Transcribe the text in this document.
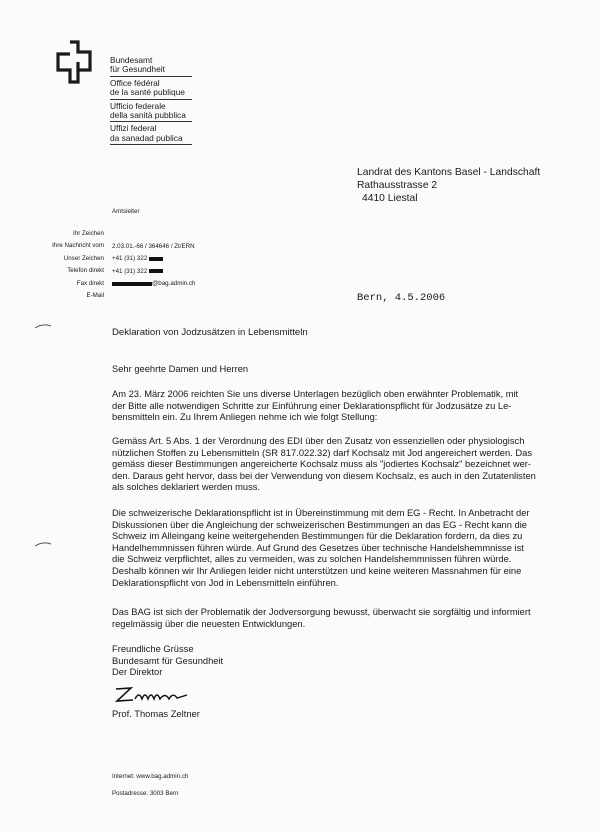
Bundesamt
für Gesundheit
Office fédéral
de la santé publique
Ufficio federale
della sanità pubblica
Uffizi federal
da sanadad publica
Landrat des Kantons Basel - Landschaft
Rathausstrasse 2
4410 Liestal
Amtsleiter
Ihr Zeichen
Ihre Nachricht vom
Unser Zeichen
Telefon direkt
Fax direkt
E-Mail
2.03.01.-66 / 364646 / Zt/ERN
+41 (31) 322
+41 (31) 322
@bag.admin.ch
Bern, 4.5.2006
Deklaration von Jodzusätzen in Lebensmitteln
Sehr geehrte Damen und Herren

Am 23. März 2006 reichten Sie uns diverse Unterlagen bezüglich oben erwähnter Problematik, mit

der Bitte alle notwendigen Schritte zur Einführung einer Deklarationspflicht für Jodzusätze zu Le-

bensmitteln ein. Zu Ihrem Anliegen nehme ich wie folgt Stellung:

Gemäss Art. 5 Abs. 1 der Verordnung des EDI über den Zusatz von essenziellen oder physiologisch

nützlichen Stoffen zu Lebensmitteln (SR 817.022.32) darf Kochsalz mit Jod angereichert werden. Das

gemäss dieser Bestimmungen angereicherte Kochsalz muss als "jodiertes Kochsalz" bezeichnet wer-

den. Daraus geht hervor, dass bei der Verwendung von diesem Kochsalz, es auch in den Zutatenlisten

als solches deklariert werden muss.

Die schweizerische Deklarationspflicht ist in Übereinstimmung mit dem EG - Recht. In Anbetracht der

Diskussionen über die Angleichung der schweizerischen Bestimmungen an das EG - Recht kann die

Schweiz im Alleingang keine weitergehenden Bestimmungen für die Deklaration fordern, da dies zu

Handelhemmnissen führen würde. Auf Grund des Gesetzes über technische Handelshemmnisse ist

die Schweiz verpflichtet, alles zu vermeiden, was zu solchen Handelshemmnissen führen würde.

Deshalb können wir Ihr Anliegen leider nicht unterstützen und keine weiteren Massnahmen für eine

Deklarationspflicht von Jod in Lebensmitteln einführen.

Das BAG ist sich der Problematik der Jodversorgung bewusst, überwacht sie sorgfältig und informiert

regelmässig über die neuesten Entwicklungen.

Freundliche Grüsse

Bundesamt für Gesundheit

Der Direktor

Prof. Thomas Zeltner
Internet: www.bag.admin.ch
Postadresse: 3003 Bern
